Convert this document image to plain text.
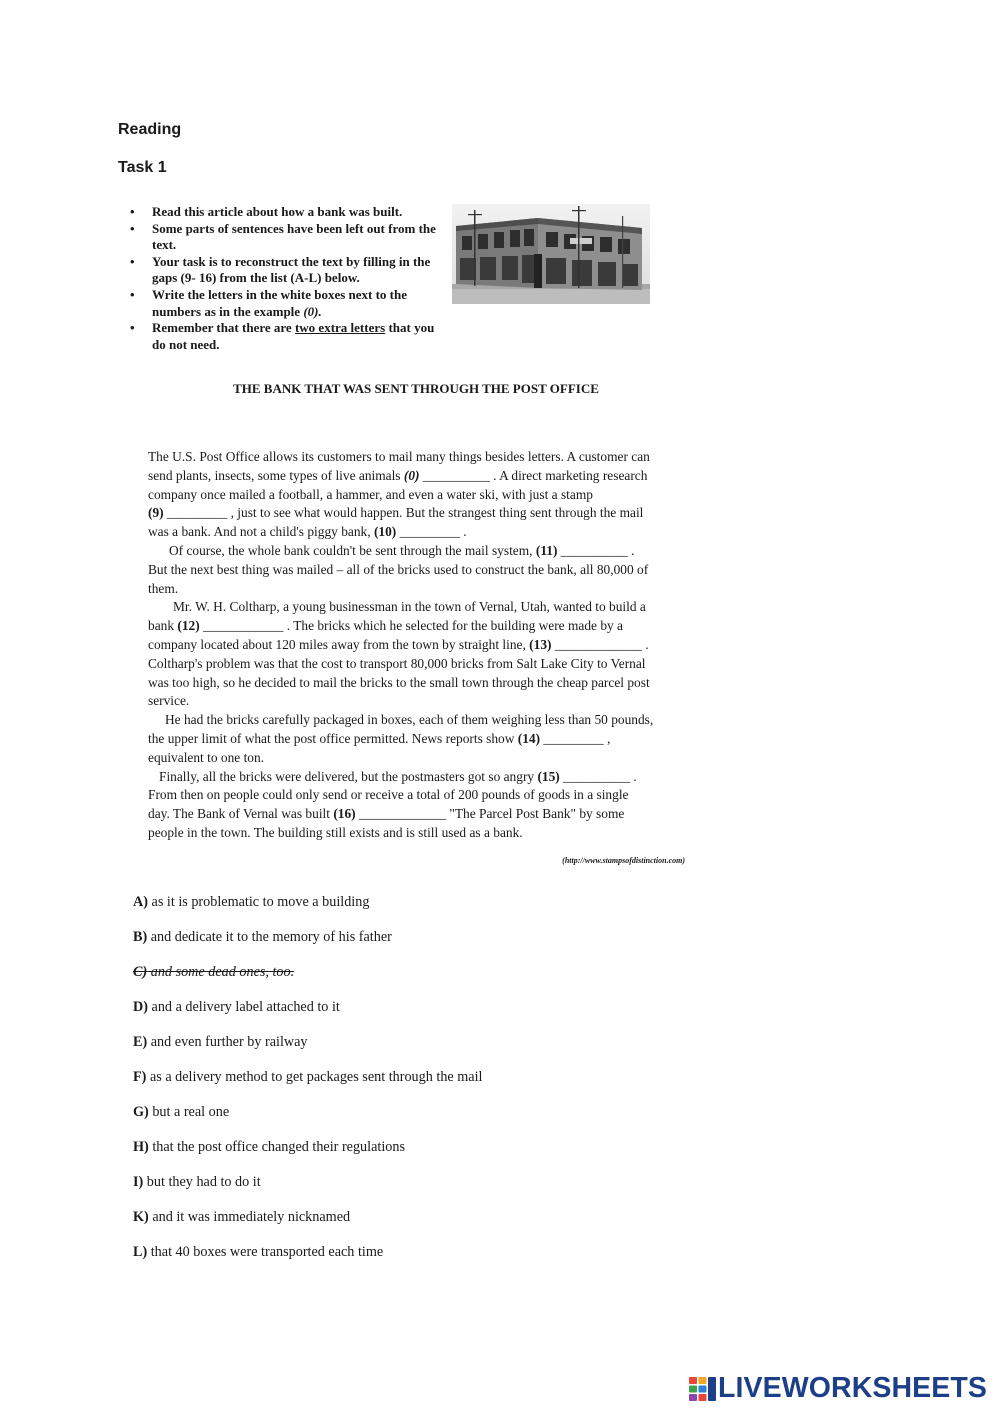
Reading
Task 1
• Read this article about how a bank was built.
• Some parts of sentences have been left out from the text.
• Your task is to reconstruct the text by filling in the gaps (9- 16) from the list (A-L) below.
• Write the letters in the white boxes next to the numbers as in the example (0).
• Remember that there are two extra letters that you do not need.
THE BANK THAT WAS SENT THROUGH THE POST OFFICE
The U.S. Post Office allows its customers to mail many things besides letters. A customer can
send plants, insects, some types of live animals (0) __________ . A direct marketing research
company once mailed a football, a hammer, and even a water ski, with just a stamp
(9) _________ , just to see what would happen. But the strangest thing sent through the mail
was a bank. And not a child's piggy bank, (10) _________ .
Of course, the whole bank couldn't be sent through the mail system, (11) __________ .
But the next best thing was mailed – all of the bricks used to construct the bank, all 80,000 of
them.
Mr. W. H. Coltharp, a young businessman in the town of Vernal, Utah, wanted to build a
bank (12) ____________ . The bricks which he selected for the building were made by a
company located about 120 miles away from the town by straight line, (13) _____________ .
Coltharp's problem was that the cost to transport 80,000 bricks from Salt Lake City to Vernal
was too high, so he decided to mail the bricks to the small town through the cheap parcel post
service.
He had the bricks carefully packaged in boxes, each of them weighing less than 50 pounds,
the upper limit of what the post office permitted. News reports show (14) _________ ,
equivalent to one ton.
Finally, all the bricks were delivered, but the postmasters got so angry (15) __________ .
From then on people could only send or receive a total of 200 pounds of goods in a single
day. The Bank of Vernal was built (16) _____________ "The Parcel Post Bank" by some
people in the town. The building still exists and is still used as a bank.
(http://www.stampsofdistinction.com)
A) as it is problematic to move a building
B) and dedicate it to the memory of his father
C) and some dead ones, too.
D) and a delivery label attached to it
E) and even further by railway
F) as a delivery method to get packages sent through the mail
G) but a real one
H) that the post office changed their regulations
I) but they had to do it
K) and it was immediately nicknamed
L) that 40 boxes were transported each time
LIVEWORKSHEETS
